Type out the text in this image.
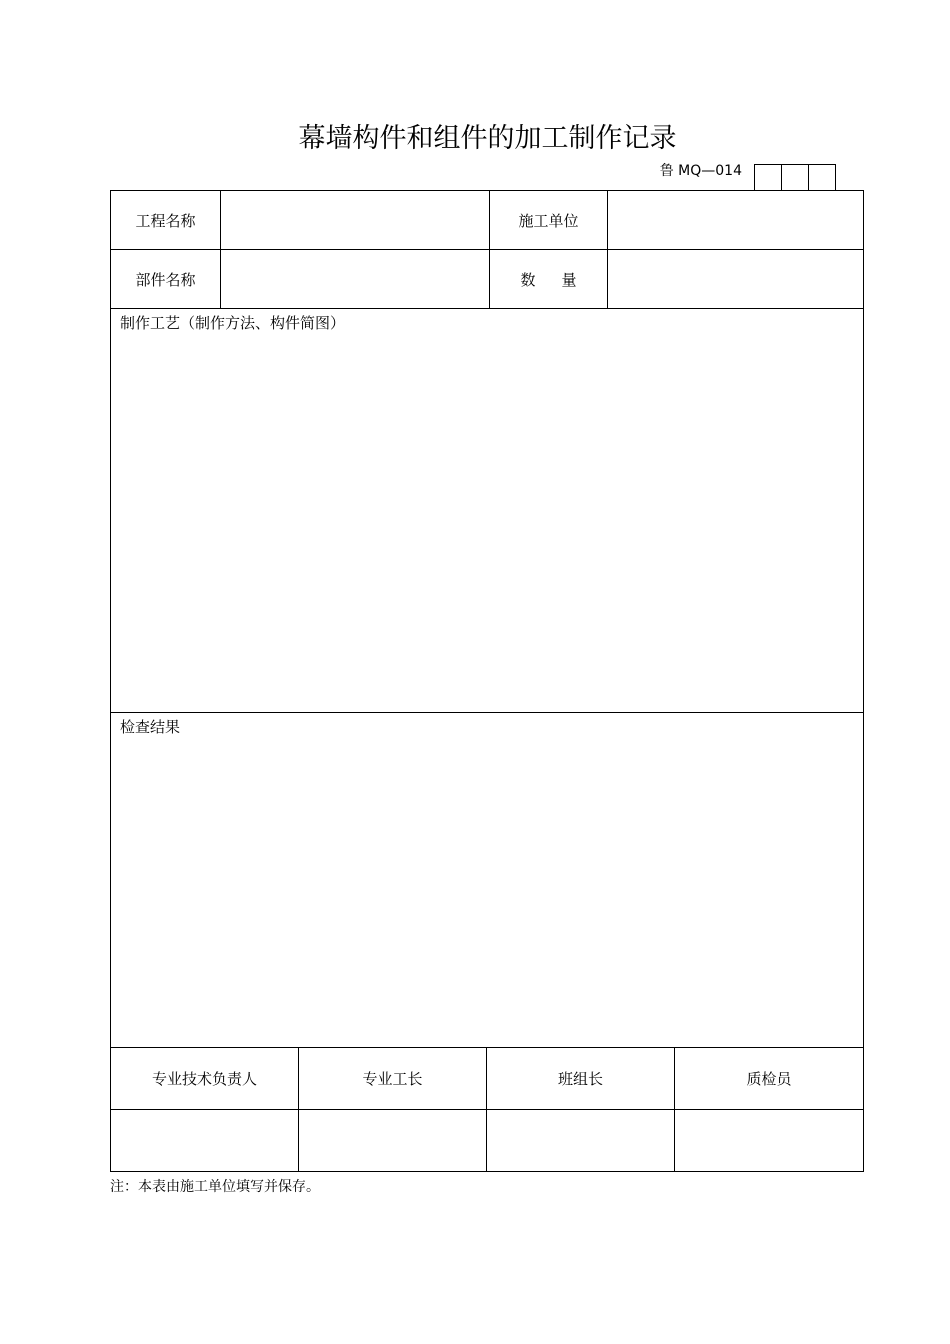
幕墙构件和组件的加工制作记录
鲁 MQ—014
工程名称		施工单位	
部件名称		数量	

制作工艺（制作方法、构件简图）			

检查结果			
专业技术负责人	专业工长	班组长	质检员

注：本表由施工单位填写并保存。
